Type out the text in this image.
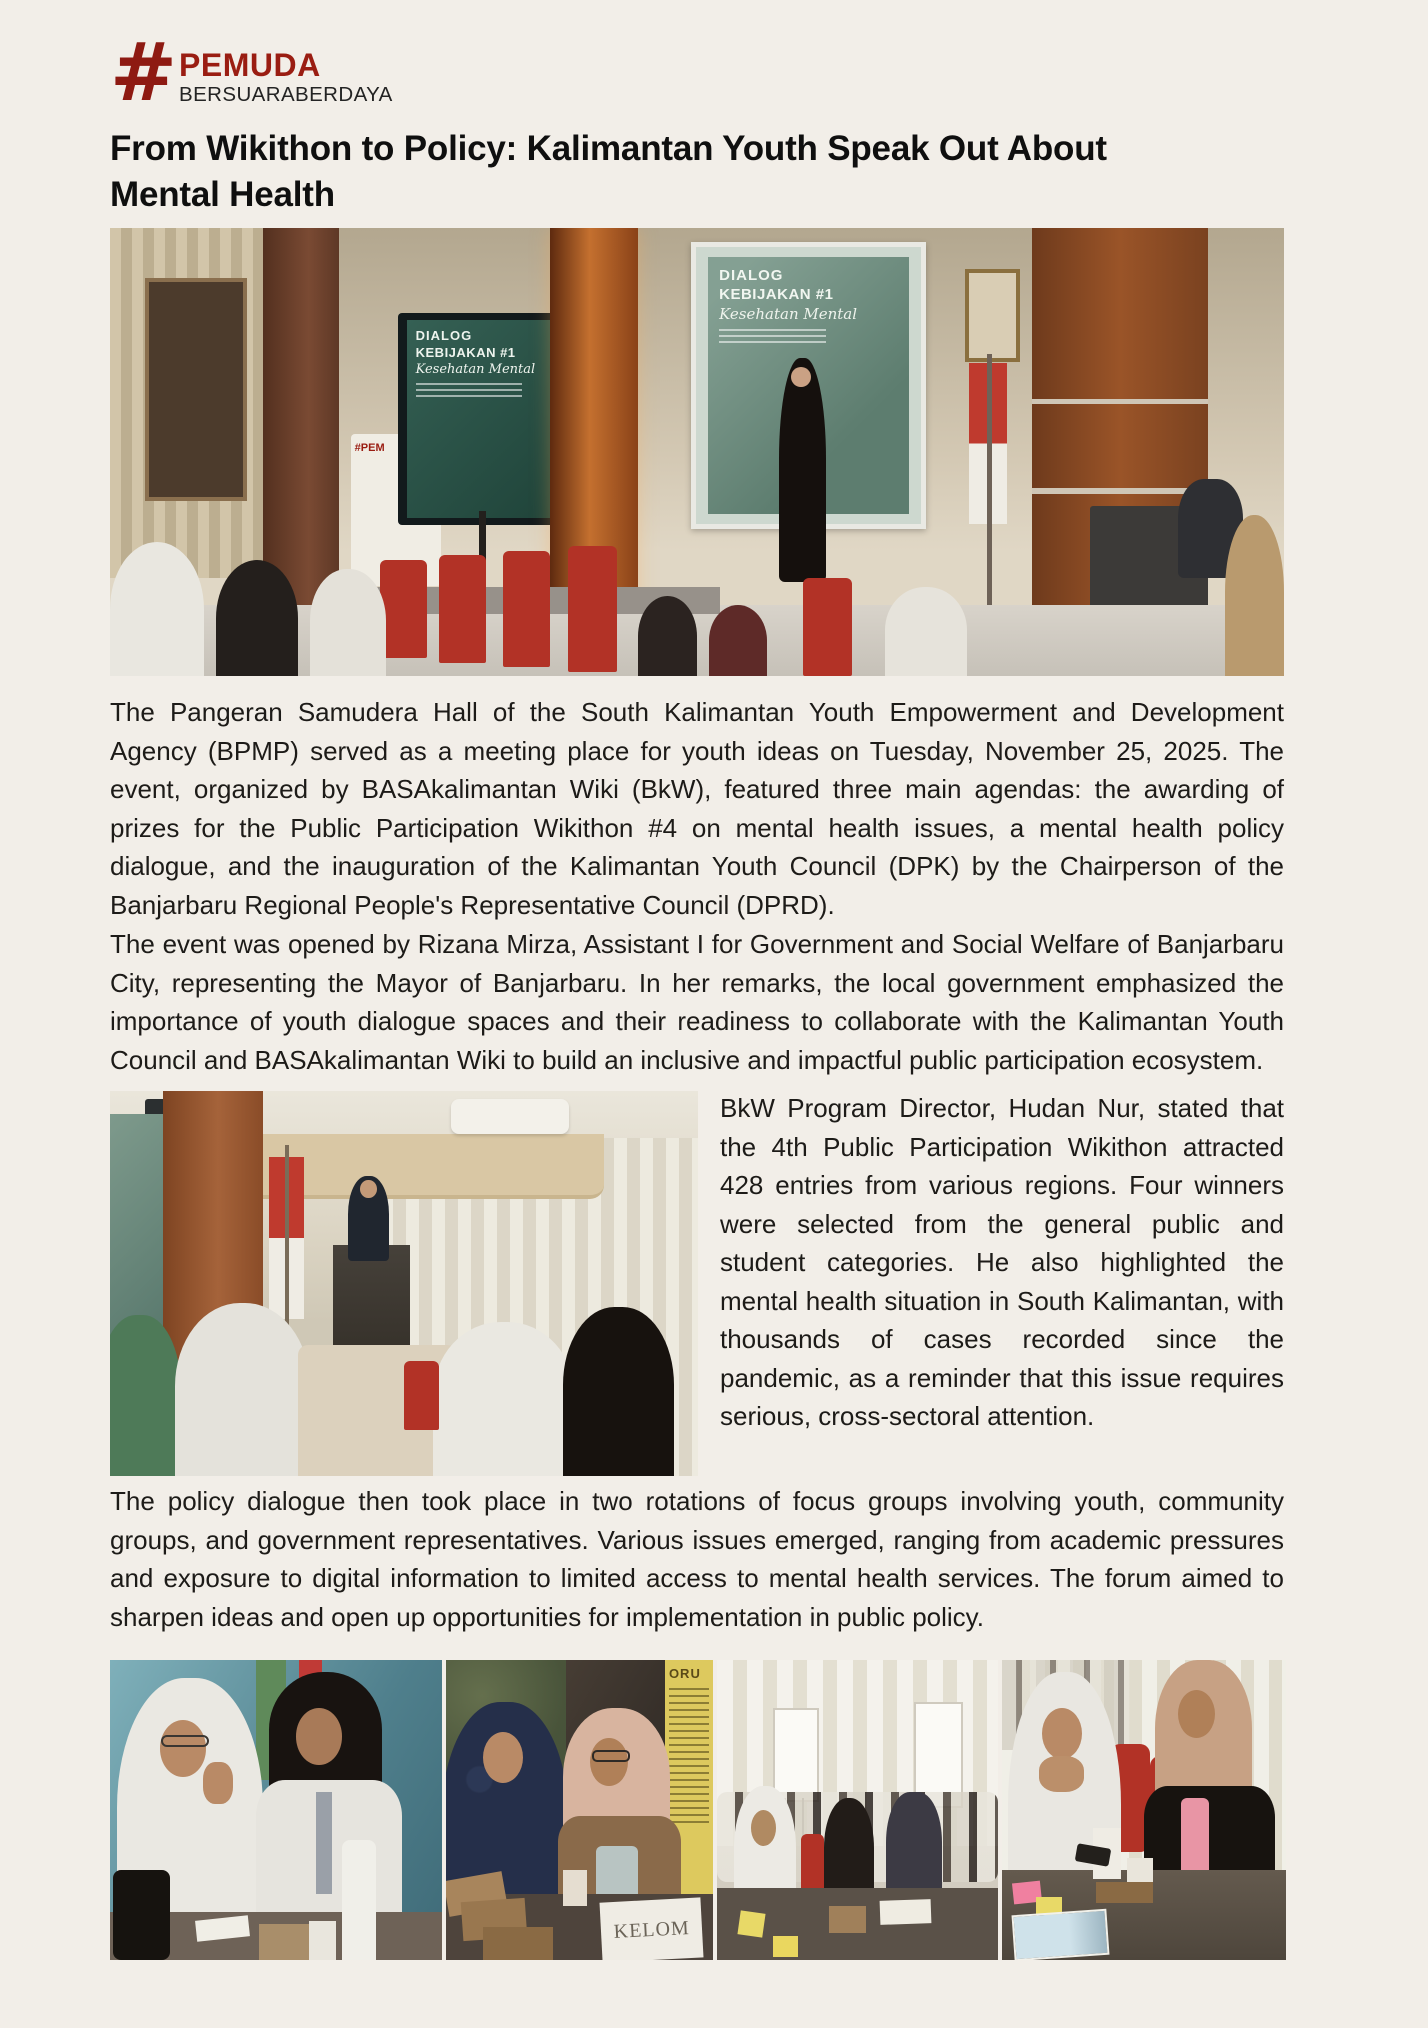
# PEMUDA
BERSUARABERDAYA
From Wikithon to Policy: Kalimantan Youth Speak Out About Mental Health
#PEM
DIALOG
KEBIJAKAN #1
Kesehatan Mental
DIALOG
KEBIJAKAN #1
Kesehatan Mental

The Pangeran Samudera Hall of the South Kalimantan Youth Empowerment and Development Agency (BPMP) served as a meeting place for youth ideas on Tuesday, November 25, 2025. The event, organized by BASAkalimantan Wiki (BkW), featured three main agendas: the awarding of prizes for the Public Participation Wikithon #4 on mental health issues, a mental health policy dialogue, and the inauguration of the Kalimantan Youth Council (DPK) by the Chairperson of the Banjarbaru Regional People's Representative Council (DPRD).

The event was opened by Rizana Mirza, Assistant I for Government and Social Welfare of Banjarbaru City, representing the Mayor of Banjarbaru. In her remarks, the local government emphasized the importance of youth dialogue spaces and their readiness to collaborate with the Kalimantan Youth Council and BASAkalimantan Wiki to build an inclusive and impactful public participation ecosystem.

BkW Program Director, Hudan Nur, stated that the 4th Public Participation Wikithon attracted 428 entries from various regions. Four winners were selected from the general public and student categories. He also highlighted the mental health situation in South Kalimantan, with thousands of cases recorded since the pandemic, as a reminder that this issue requires serious, cross-sectoral attention.

The policy dialogue then took place in two rotations of focus groups involving youth, community groups, and government representatives. Various issues emerged, ranging from academic pressures and exposure to digital information to limited access to mental health services. The forum aimed to sharpen ideas and open up opportunities for implementation in public policy.

ORU
KELOM
